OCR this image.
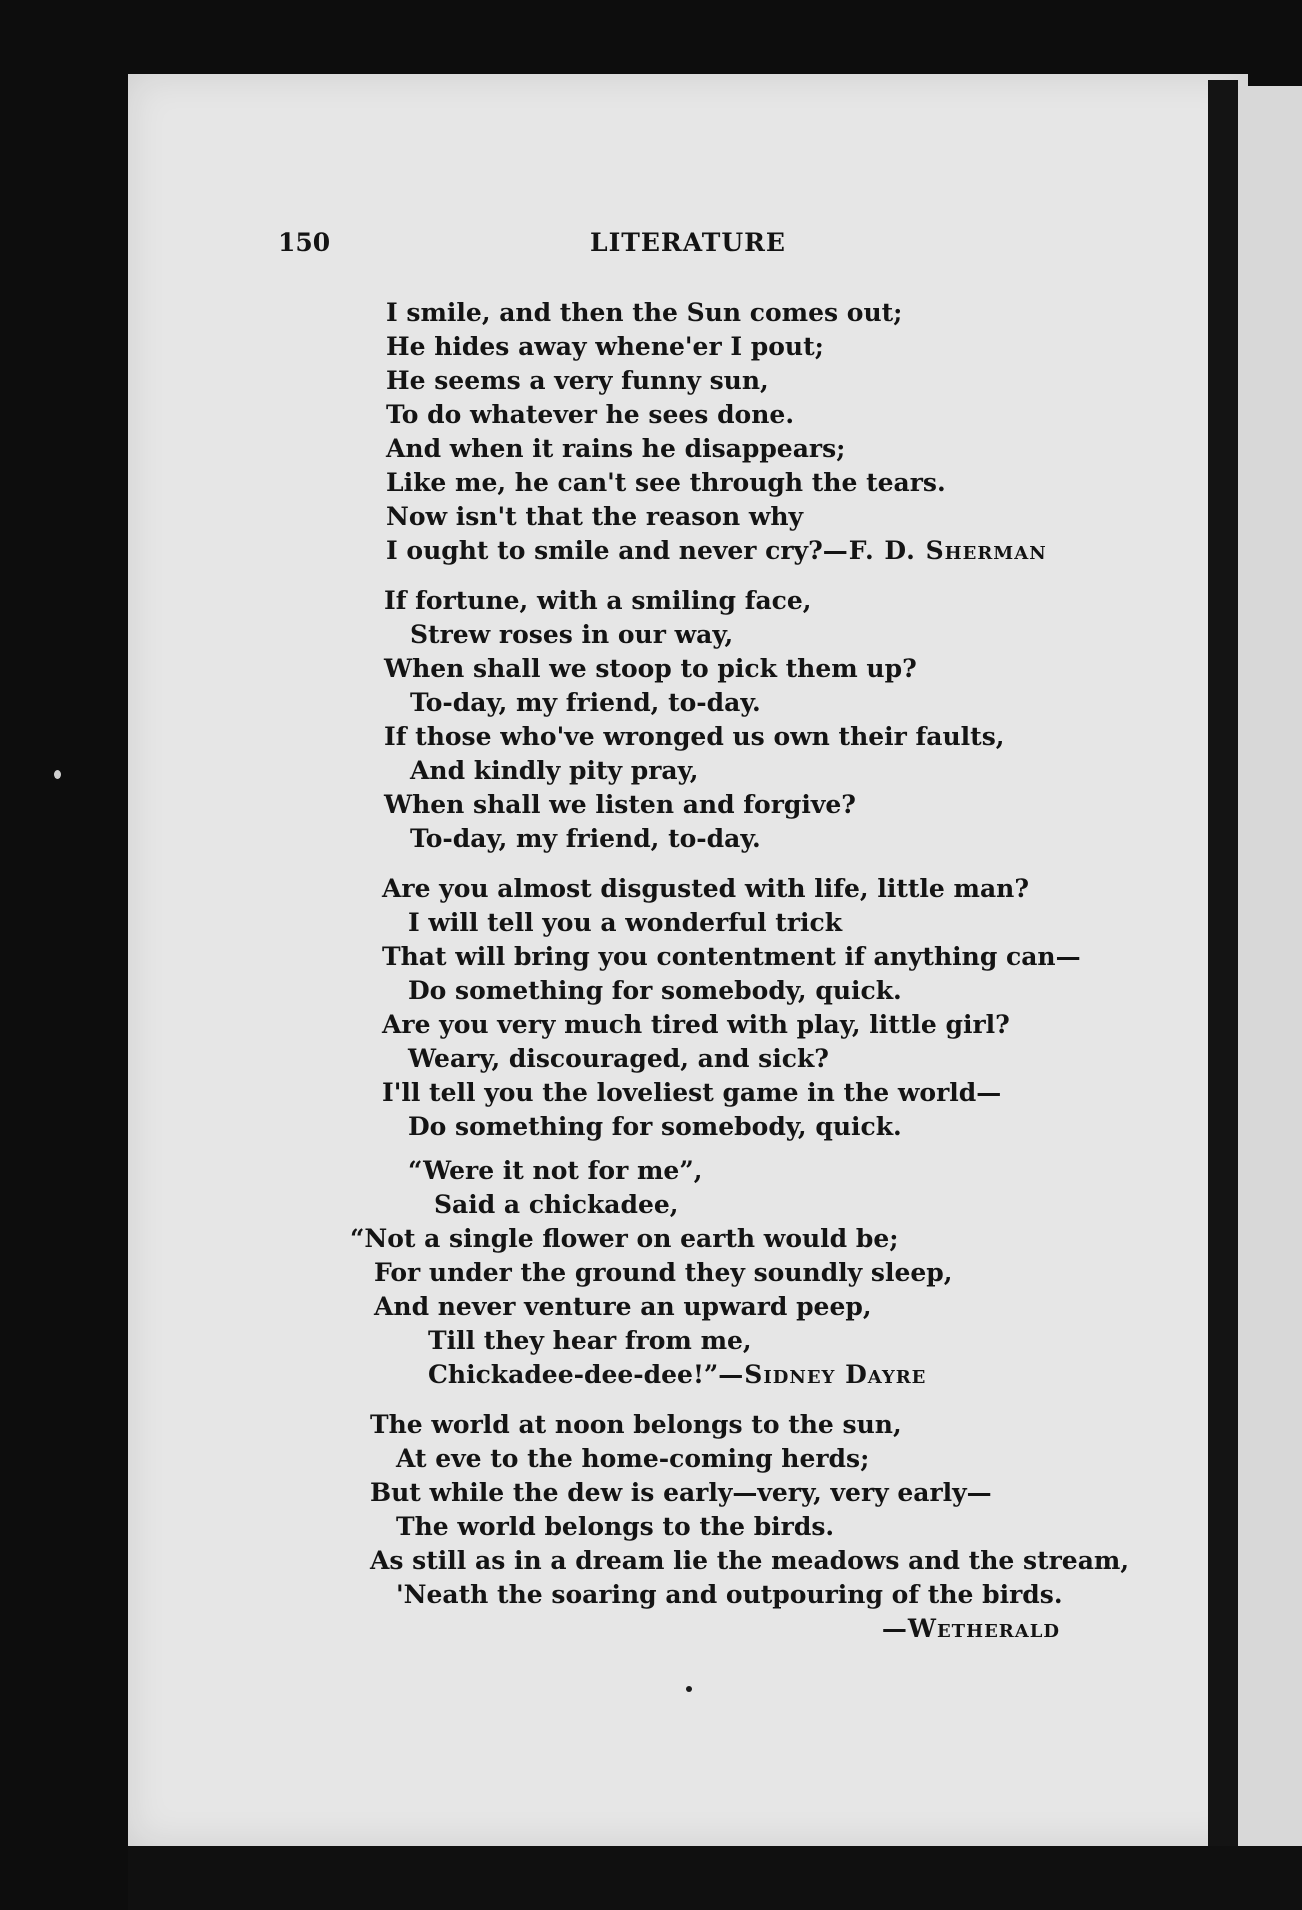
150	LITERATURE
I smile, and then the Sun comes out;
He hides away whene'er I pout;
He seems a very funny sun,
To do whatever he sees done.
And when it rains he disappears;
Like me, he can't see through the tears.
Now isn't that the reason why
I ought to smile and never cry?—F. D. Sherman
If fortune, with a smiling face,
Strew roses in our way,
When shall we stoop to pick them up?
To-day, my friend, to-day.
If those who've wronged us own their faults,
And kindly pity pray,
When shall we listen and forgive?
To-day, my friend, to-day.
Are you almost disgusted with life, little man?
I will tell you a wonderful trick
That will bring you contentment if anything can—
Do something for somebody, quick.
Are you very much tired with play, little girl?
Weary, discouraged, and sick?
I'll tell you the loveliest game in the world—
Do something for somebody, quick.
“Were it not for me”,
Said a chickadee,
“Not a single flower on earth would be;
For under the ground they soundly sleep,
And never venture an upward peep,
Till they hear from me,
Chickadee-dee-dee!”—Sidney Dayre
The world at noon belongs to the sun,
At eve to the home-coming herds;
But while the dew is early—very, very early—
The world belongs to the birds.
As still as in a dream lie the meadows and the stream,
'Neath the soaring and outpouring of the birds.
—Wetherald
